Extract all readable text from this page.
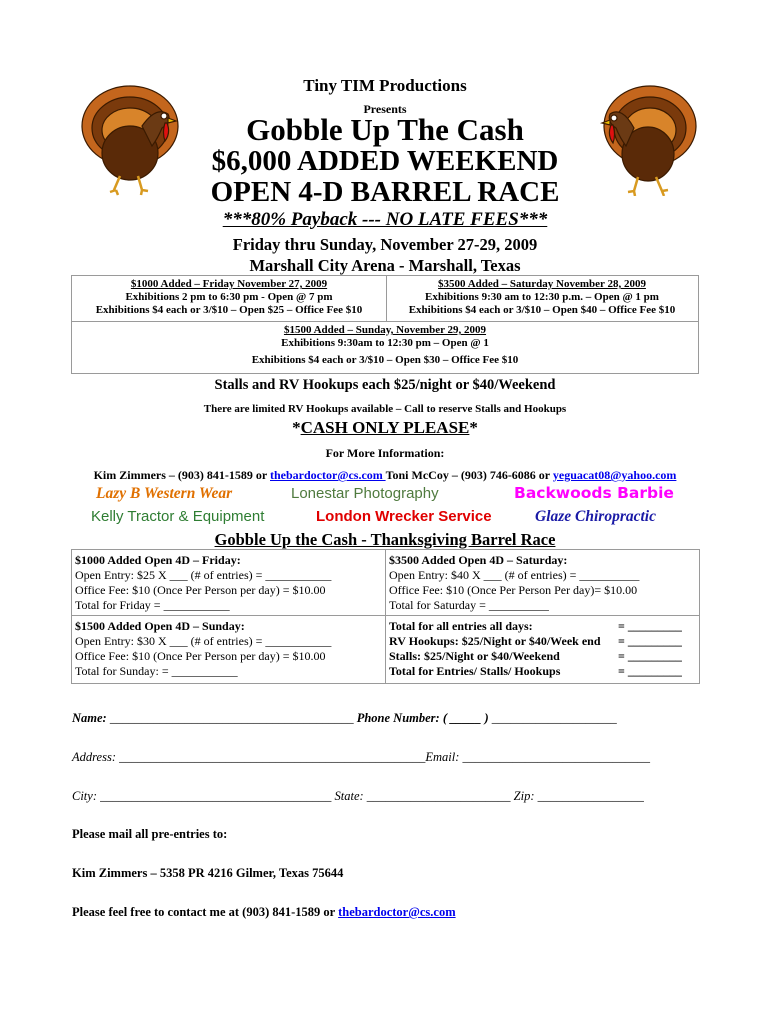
Tiny TIM Productions
Presents
Gobble Up The Cash
$6,000 ADDED WEEKEND
OPEN 4-D BARREL RACE
***80% Payback --- NO LATE FEES***
Friday thru Sunday, November 27-29, 2009
Marshall City Arena - Marshall, Texas
$1000 Added – Friday November 27, 2009
Exhibitions 2 pm to 6:30 pm - Open @ 7 pm
Exhibitions $4 each or 3/$10 – Open $25 – Office Fee $10
$3500 Added – Saturday November 28, 2009
Exhibitions 9:30 am to 12:30 p.m. – Open @ 1 pm
Exhibitions $4 each or 3/$10 – Open $40 – Office Fee $10
$1500 Added – Sunday, November 29, 2009
Exhibitions 9:30am to 12:30 pm – Open @ 1
Exhibitions $4 each or 3/$10 – Open $30 – Office Fee $10
Stalls and RV Hookups each $25/night or $40/Weekend
There are limited RV Hookups available – Call to reserve Stalls and Hookups
*CASH ONLY PLEASE*
For More Information:
Kim Zimmers – (903) 841-1589 or thebardoctor@cs.com Toni McCoy – (903) 746-6086 or yeguacat08@yahoo.com
Lazy B Western Wear	Lonestar Photography	Backwoods Barbie
Kelly Tractor & Equipment	London Wrecker Service	Glaze Chiropractic
Gobble Up the Cash - Thanksgiving Barrel Race
$1000 Added Open 4D – Friday:
Open Entry: $25 X ___ (# of entries) = ___________
Office Fee: $10 (Once Per Person per day) = $10.00
Total for Friday = ___________
$3500 Added Open 4D – Saturday:
Open Entry: $40 X ___ (# of entries) = __________
Office Fee: $10 (Once Per Person Per day)= $10.00
Total for Saturday = __________
$1500 Added Open 4D – Sunday:
Open Entry: $30 X ___ (# of entries) = ___________
Office Fee: $10 (Once Per Person per day) = $10.00
Total for Sunday: = ___________
Total for all entries all days:	= _________
RV Hookups: $25/Night or $40/Week end = _________
Stalls: $25/Night or $40/Weekend	= _________
Total for Entries/ Stalls/ Hookups	= _________
Name: _______________________________________ Phone Number: ( _____ ) ____________________
Address: _________________________________________________Email: ______________________________
City: _____________________________________ State: _______________________ Zip: _________________
Please mail all pre-entries to:
Kim Zimmers – 5358 PR 4216 Gilmer, Texas 75644
Please feel free to contact me at (903) 841-1589 or thebardoctor@cs.com
